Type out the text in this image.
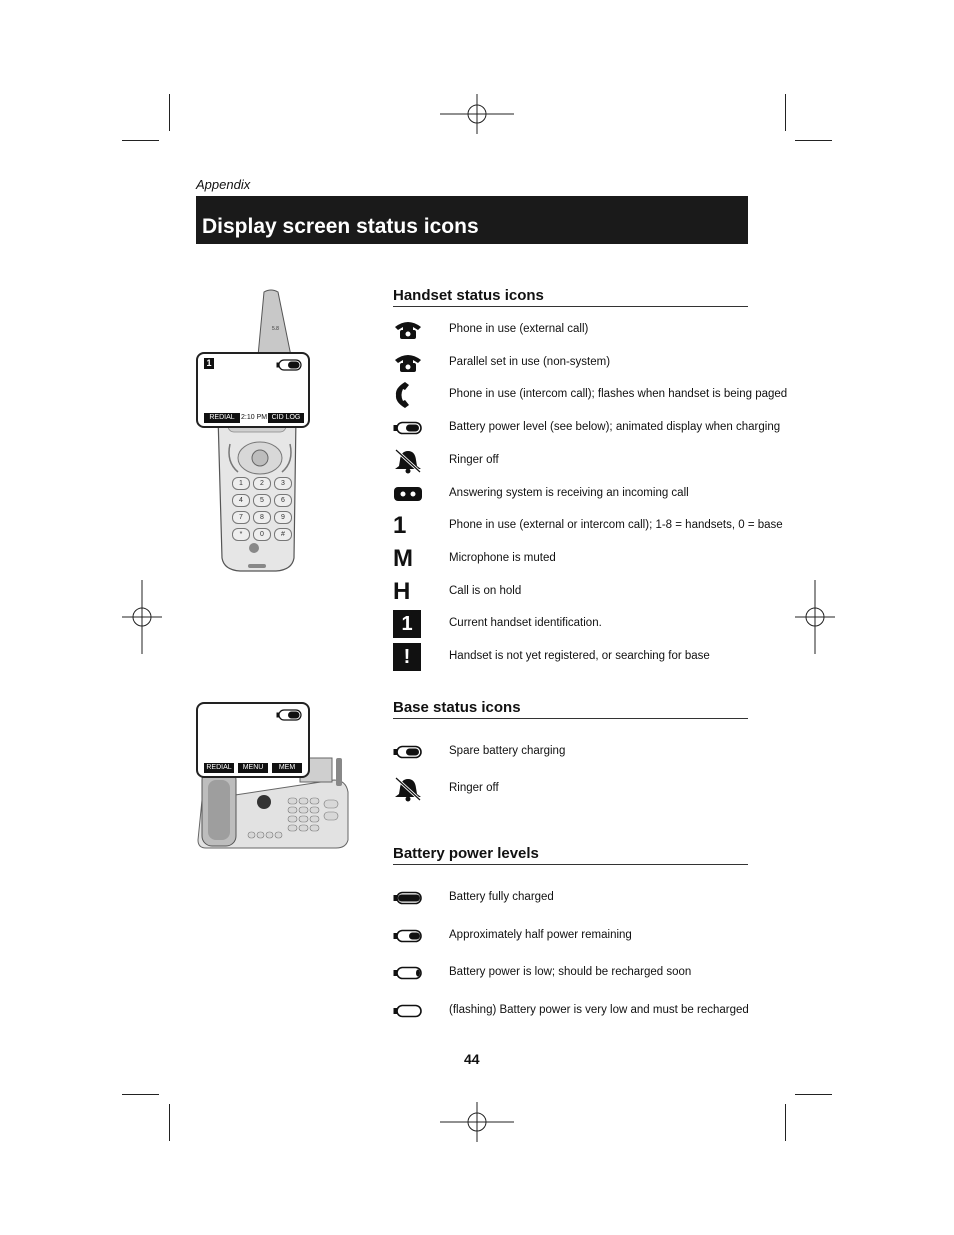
Appendix
Display screen status icons
1	2	3
4	5	6
7	8	9
*	0	#
5.8
1
REDIAL 2:10 PM CID LOG
REDIAL	MENU	MEM
Handset status icons
Phone in use (external call)
Parallel set in use (non-system)
Phone in use (intercom call); flashes when handset is being paged
Battery power level (see below); animated display when charging
Ringer off
Answering system is receiving an incoming call
1	Phone in use (external or intercom call); 1-8 = handsets, 0 = base
M	Microphone is muted
H	Call is on hold
1	Current handset identification.
!	Handset is not yet registered, or searching for base
Base status icons
Spare battery charging
Ringer off
Battery power levels
Battery fully charged
Approximately half power remaining
Battery power is low; should be recharged soon
(flashing) Battery power is very low and must be recharged
44
